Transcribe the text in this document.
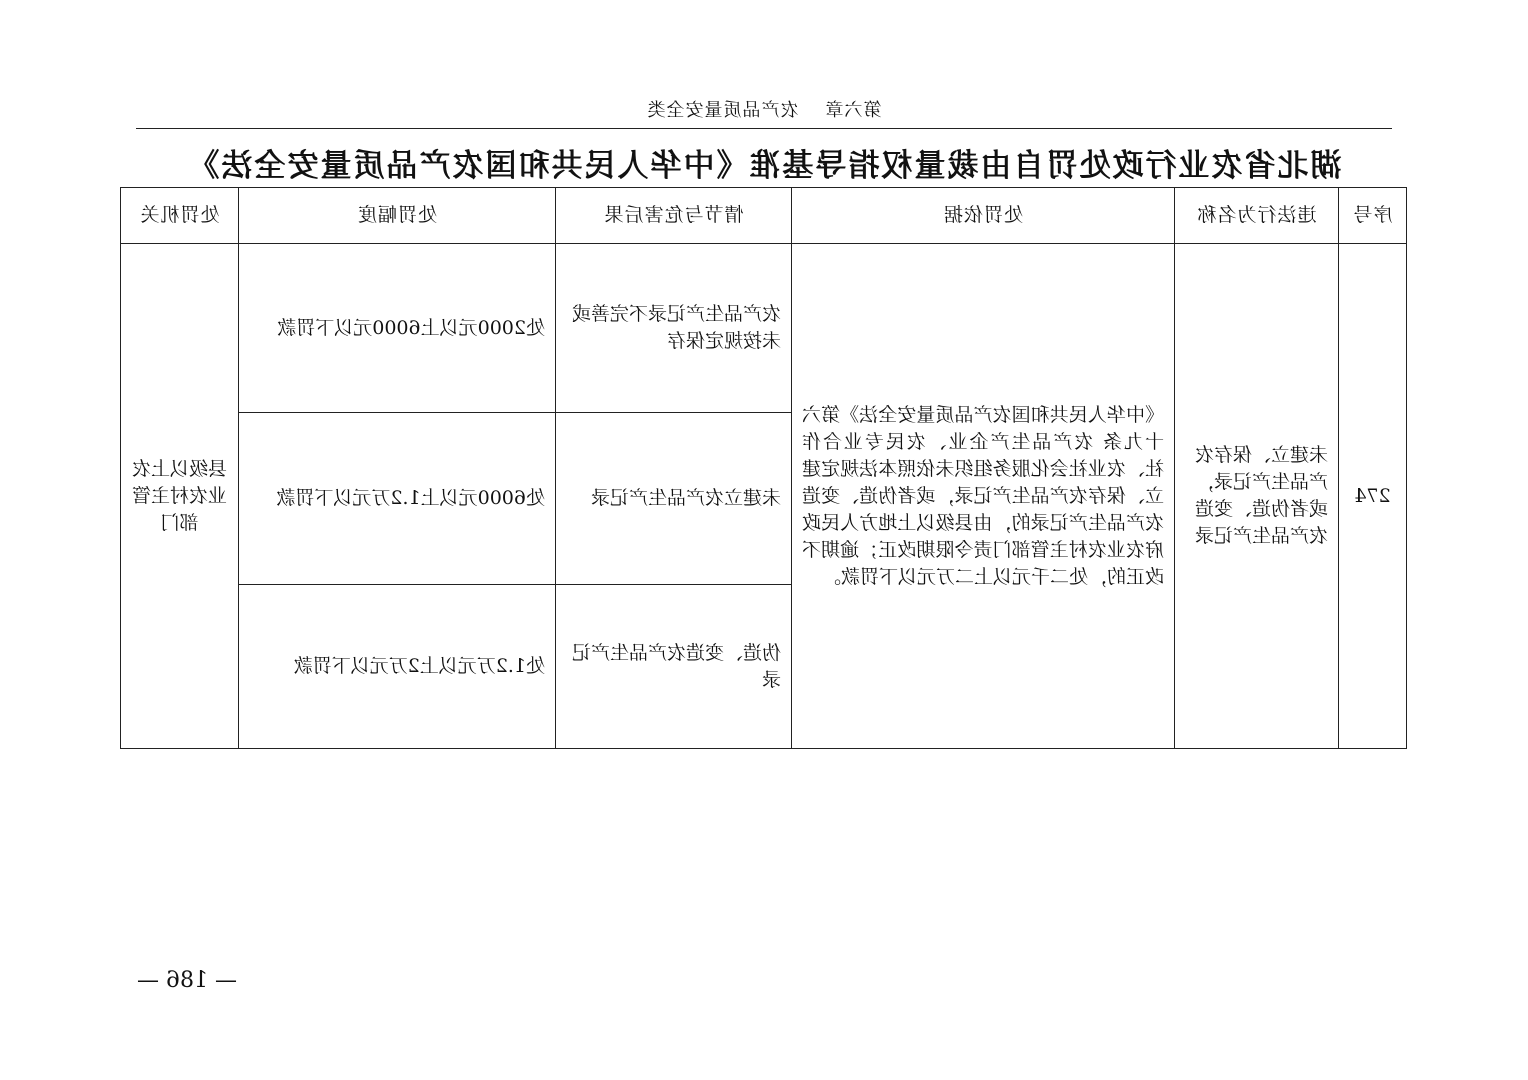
第六章农产品质量安全类
湖北省农业行政处罚自由裁量权指导基准《中华人民共和国农产品质量安全法》
序号	违法行为名称	处罚依据	情节与危害后果	处罚幅度	处罚机关
274	未建立、保存农产品生产记录，或者伪造、变造农产品生产记录	《中华人民共和国农产品质量安全法》第六十九条 农产品生产企业、农民专业合作社、农业社会化服务组织未依照本法规定建立、保存农产品生产记录，或者伪造、变造农产品生产记录的，由县级以上地方人民政府农业农村主管部门责令限期改正；逾期不改正的，处二千元以上二万元以下罚款。	农产品生产记录不完善或未按规定保存	处2000元以上6000元以下罚款	县级以上农业农村主管部门
			未建立农产品生产记录	处6000元以上1.2万元以下罚款	
			伪造、变造农产品生产记录	处1.2万元以上2万元以下罚款	
— 186 —
